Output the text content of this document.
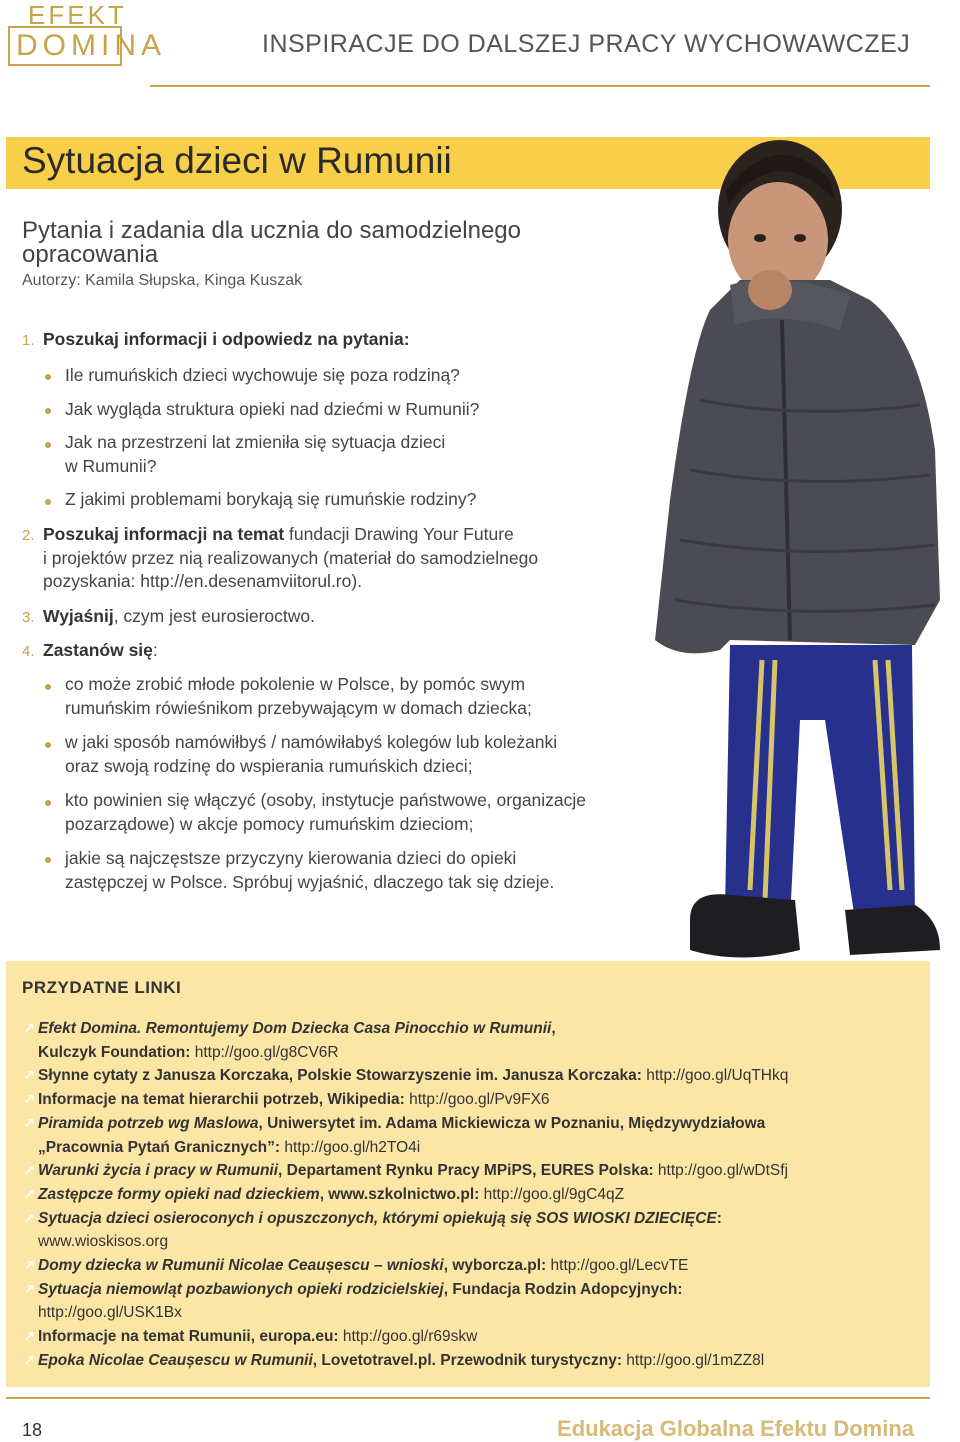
EFEKT
DOMINA	INSPIRACJE DO DALSZEJ PRACY WYCHOWAWCZEJ
Sytuacja dzieci w Rumunii
Pytania i zadania dla ucznia do samodzielnego opracowania
Autorzy: Kamila Słupska, Kinga Kuszak
1. Poszukaj informacji i odpowiedz na pytania:
Ile rumuńskich dzieci wychowuje się poza rodziną?
Jak wygląda struktura opieki nad dziećmi w Rumunii?
Jak na przestrzeni lat zmieniła się sytuacja dzieci
w Rumunii?
Z jakimi problemami borykają się rumuńskie rodziny?
2. Poszukaj informacji na temat fundacji Drawing Your Future
i projektów przez nią realizowanych (materiał do samodzielnego
pozyskania: http://en.desenamviitorul.ro).
3. Wyjaśnij, czym jest eurosieroctwo.
4. Zastanów się:
co może zrobić młode pokolenie w Polsce, by pomóc swym
rumuńskim rówieśnikom przebywającym w domach dziecka;
w jaki sposób namówiłbyś / namówiłabyś kolegów lub koleżanki
oraz swoją rodzinę do wspierania rumuńskich dzieci;
kto powinien się włączyć (osoby, instytucje państwowe, organizacje
pozarządowe) w akcje pomocy rumuńskim dzieciom;
jakie są najczęstsze przyczyny kierowania dzieci do opieki
zastępczej w Polsce. Spróbuj wyjaśnić, dlaczego tak się dzieje.
PRZYDATNE LINKI
↗ Efekt Domina. Remontujemy Dom Dziecka Casa Pinocchio w Rumunii,
Kulczyk Foundation: http://goo.gl/g8CV6R
↗ Słynne cytaty z Janusza Korczaka, Polskie Stowarzyszenie im. Janusza Korczaka: http://goo.gl/UqTHkq
↗ Informacje na temat hierarchii potrzeb, Wikipedia: http://goo.gl/Pv9FX6
↗ Piramida potrzeb wg Maslowa, Uniwersytet im. Adama Mickiewicza w Poznaniu, Międzywydziałowa
„Pracownia Pytań Granicznych”: http://goo.gl/h2TO4i
↗ Warunki życia i pracy w Rumunii, Departament Rynku Pracy MPiPS, EURES Polska: http://goo.gl/wDtSfj
↗ Zastępcze formy opieki nad dzieckiem, www.szkolnictwo.pl: http://goo.gl/9gC4qZ
↗ Sytuacja dzieci osieroconych i opuszczonych, którymi opiekują się SOS WIOSKI DZIECIĘCE:
www.wioskisos.org
↗ Domy dziecka w Rumunii Nicolae Ceaușescu – wnioski, wyborcza.pl: http://goo.gl/LecvTE
↗ Sytuacja niemowląt pozbawionych opieki rodzicielskiej, Fundacja Rodzin Adopcyjnych:
http://goo.gl/USK1Bx
↗ Informacje na temat Rumunii, europa.eu: http://goo.gl/r69skw
↗ Epoka Nicolae Ceaușescu w Rumunii, Lovetotravel.pl. Przewodnik turystyczny: http://goo.gl/1mZZ8l
18	Edukacja Globalna Efektu Domina
